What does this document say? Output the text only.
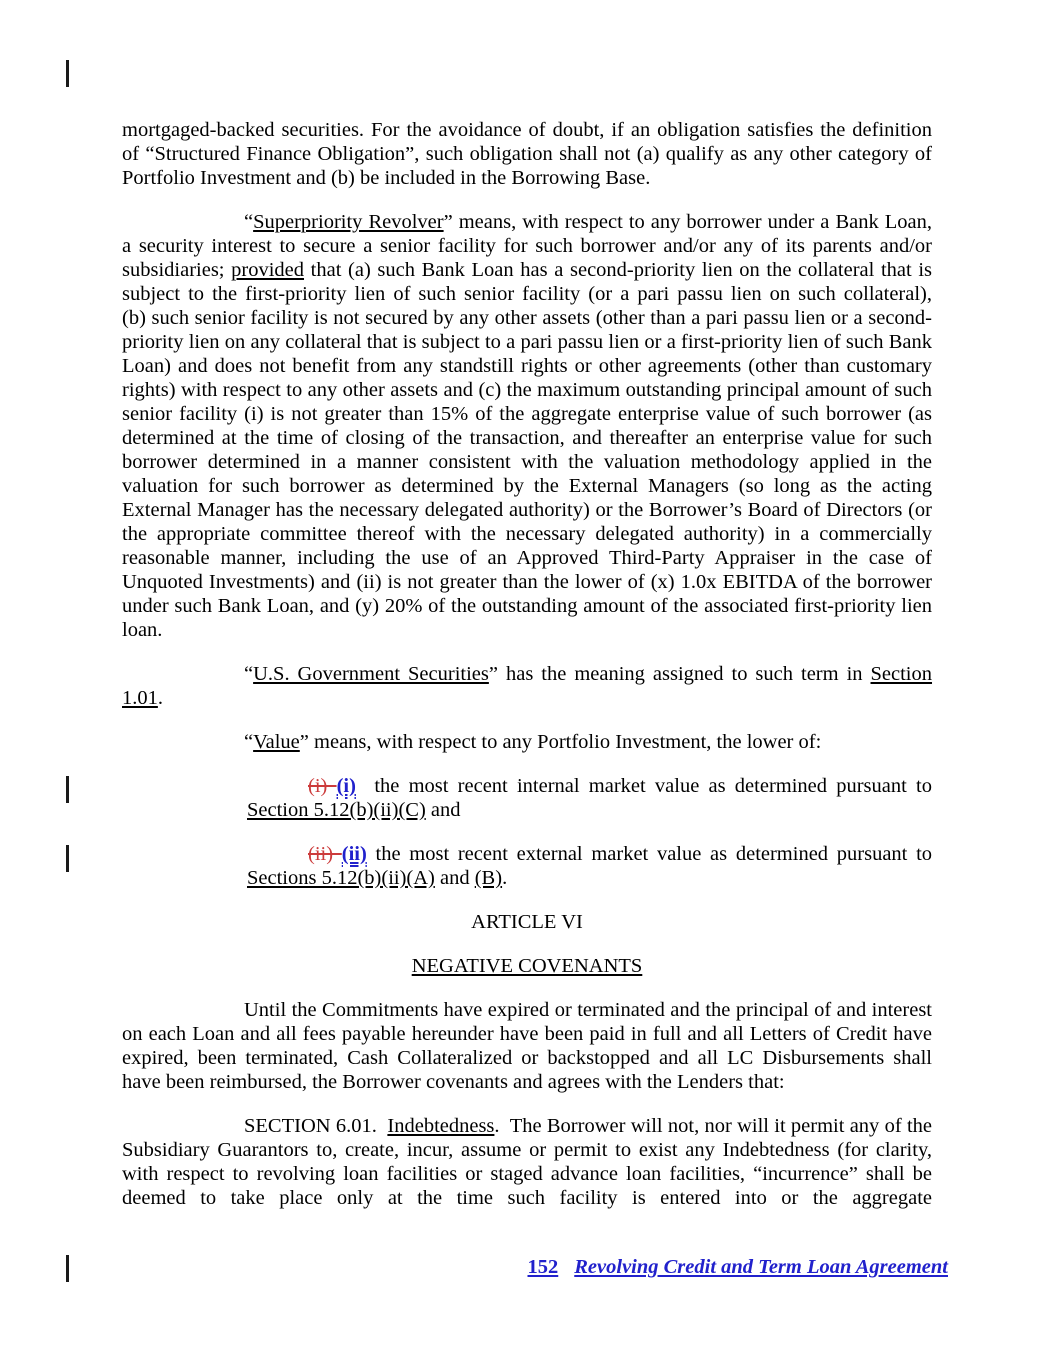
mortgaged-backed securities. For the avoidance of doubt, if an obligation satisfies the definition of “Structured Finance Obligation”, such obligation shall not (a) qualify as any other category of Portfolio Investment and (b) be included in the Borrowing Base.

“Superpriority Revolver” means, with respect to any borrower under a Bank Loan, a security interest to secure a senior facility for such borrower and/or any of its parents and/or subsidiaries; provided that (a) such Bank Loan has a second-priority lien on the collateral that is subject to the first-priority lien of such senior facility (or a pari passu lien on such collateral), (b) such senior facility is not secured by any other assets (other than a pari passu lien or a second-priority lien on any collateral that is subject to a pari passu lien or a first-priority lien of such Bank Loan) and does not benefit from any standstill rights or other agreements (other than customary rights) with respect to any other assets and (c) the maximum outstanding principal amount of such senior facility (i) is not greater than 15% of the aggregate enterprise value of such borrower (as determined at the time of closing of the transaction, and thereafter an enterprise value for such borrower determined in a manner consistent with the valuation methodology applied in the valuation for such borrower as determined by the External Managers (so long as the acting External Manager has the necessary delegated authority) or the Borrower’s Board of Directors (or the appropriate committee thereof with the necessary delegated authority) in a commercially reasonable manner, including the use of an Approved Third-Party Appraiser in the case of Unquoted Investments) and (ii) is not greater than the lower of (x) 1.0x EBITDA of the borrower under such Bank Loan, and (y) 20% of the outstanding amount of the associated first-priority lien loan.

“U.S. Government Securities” has the meaning assigned to such term in Section 1.01.

“Value” means, with respect to any Portfolio Investment, the lower of:

(i) (i)  the most recent internal market value as determined pursuant to Section 5.12(b)(ii)(C) and

(ii) (ii) the most recent external market value as determined pursuant to Sections 5.12(b)(ii)(A) and (B).

ARTICLE VI

NEGATIVE COVENANTS

Until the Commitments have expired or terminated and the principal of and interest on each Loan and all fees payable hereunder have been paid in full and all Letters of Credit have expired, been terminated, Cash Collateralized or backstopped and all LC Disbursements shall have been reimbursed, the Borrower covenants and agrees with the Lenders that:

SECTION 6.01.  Indebtedness.  The Borrower will not, nor will it permit any of the Subsidiary Guarantors to, create, incur, assume or permit to exist any Indebtedness (for clarity, with respect to revolving loan facilities or staged advance loan facilities, “incurrence” shall be deemed to take place only at the time such facility is entered into or the aggregate

152 Revolving Credit and Term Loan Agreement
